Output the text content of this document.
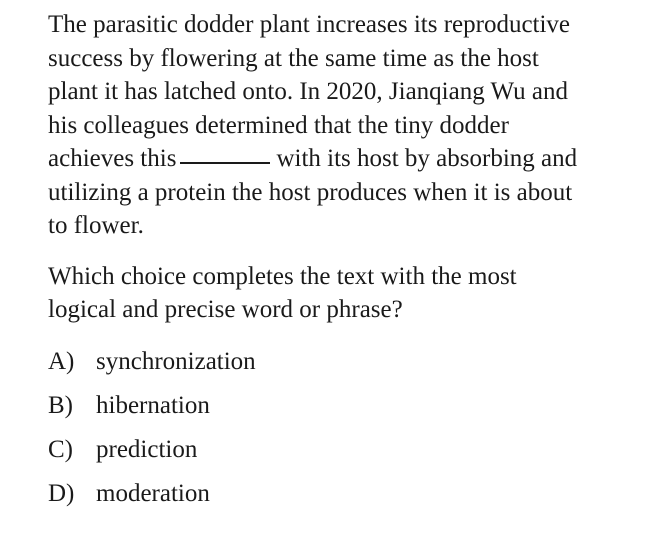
The parasitic dodder plant increases its reproductive
success by flowering at the same time as the host
plant it has latched onto. In 2020, Jianqiang Wu and
his colleagues determined that the tiny dodder
achieves this	with its host by absorbing and
utilizing a protein the host produces when it is about
to flower.
Which choice completes the text with the most
logical and precise word or phrase?
A) synchronization
B) hibernation
C) prediction
D) moderation
